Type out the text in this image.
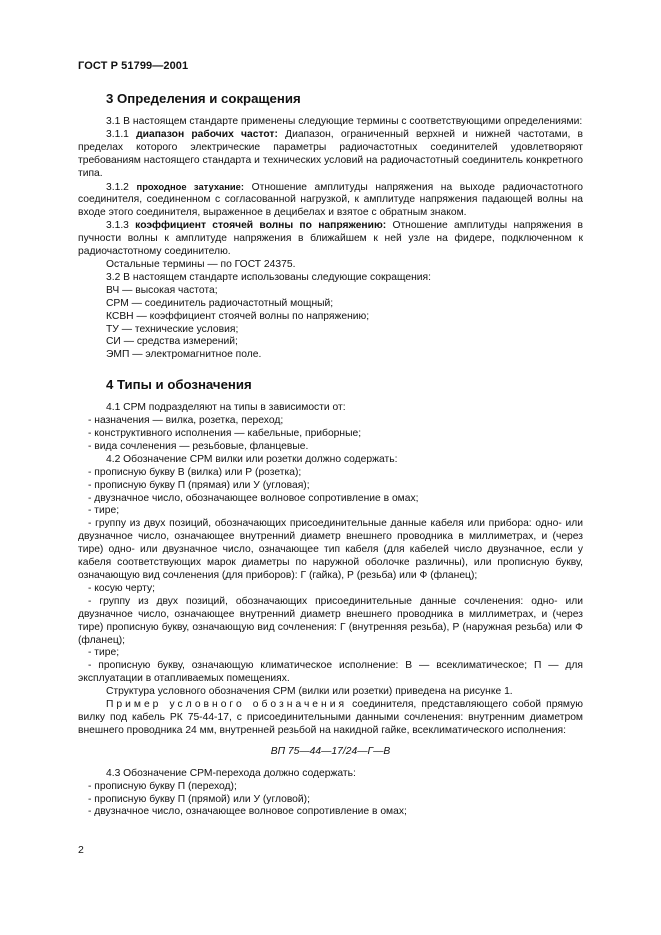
ГОСТ Р 51799—2001
3 Определения и сокращения

3.1 В настоящем стандарте применены следующие термины с соответствующими определениями:

3.1.1 диапазон рабочих частот: Диапазон, ограниченный верхней и нижней частотами, в пределах которого электрические параметры радиочастотных соединителей удовлетворяют требованиям настоящего стандарта и технических условий на радиочастотный соединитель конкретного типа.

3.1.2 проходное затухание: Отношение амплитуды напряжения на выходе радиочастотного соединителя, соединенном с согласованной нагрузкой, к амплитуде напряжения падающей волны на входе этого соединителя, выраженное в децибелах и взятое с обратным знаком.

3.1.3 коэффициент стоячей волны по напряжению: Отношение амплитуды напряжения в пучности волны к амплитуде напряжения в ближайшем к ней узле на фидере, подключенном к радиочастотному соединителю.

Остальные термины — по ГОСТ 24375.

3.2 В настоящем стандарте использованы следующие сокращения:

ВЧ — высокая частота;

СРМ — соединитель радиочастотный мощный;

КСВН — коэффициент стоячей волны по напряжению;

ТУ — технические условия;

СИ — средства измерений;

ЭМП — электромагнитное поле.

4 Типы и обозначения

4.1 СРМ подразделяют на типы в зависимости от:

- назначения — вилка, розетка, переход;

- конструктивного исполнения — кабельные, приборные;

- вида сочленения — резьбовые, фланцевые.

4.2 Обозначение СРМ вилки или розетки должно содержать:

- прописную букву В (вилка) или Р (розетка);

- прописную букву П (прямая) или У (угловая);

- двузначное число, обозначающее волновое сопротивление в омах;

- тире;

- группу из двух позиций, обозначающих присоединительные данные кабеля или прибора: одно- или двузначное число, означающее внутренний диаметр внешнего проводника в миллиметрах, и (через тире) одно- или двузначное число, означающее тип кабеля (для кабелей число двузначное, если у кабеля соответствующих марок диаметры по наружной оболочке различны), или прописную букву, означающую вид сочленения (для приборов): Г (гайка), Р (резьба) или Ф (фланец);

- косую черту;

- группу из двух позиций, обозначающих присоединительные данные сочленения: одно- или двузначное число, означающее внутренний диаметр внешнего проводника в миллиметрах, и (через тире) прописную букву, означающую вид сочленения: Г (внутренняя резьба), Р (наружная резьба) или Ф (фланец);

- тире;

- прописную букву, означающую климатическое исполнение: В — всеклиматическое; П — для эксплуатации в отапливаемых помещениях.

Структура условного обозначения СРМ (вилки или розетки) приведена на рисунке 1.

Пример условного обозначения соединителя, представляющего собой прямую вилку под кабель РК 75-44-17, с присоединительными данными сочленения: внутренним диаметром внешнего проводника 24 мм, внутренней резьбой на накидной гайке, всеклиматического исполнения:

ВП 75—44—17/24—Г—В

4.3 Обозначение СРМ-перехода должно содержать:

- прописную букву П (переход);

- прописную букву П (прямой) или У (угловой);

- двузначное число, означающее волновое сопротивление в омах;

2
